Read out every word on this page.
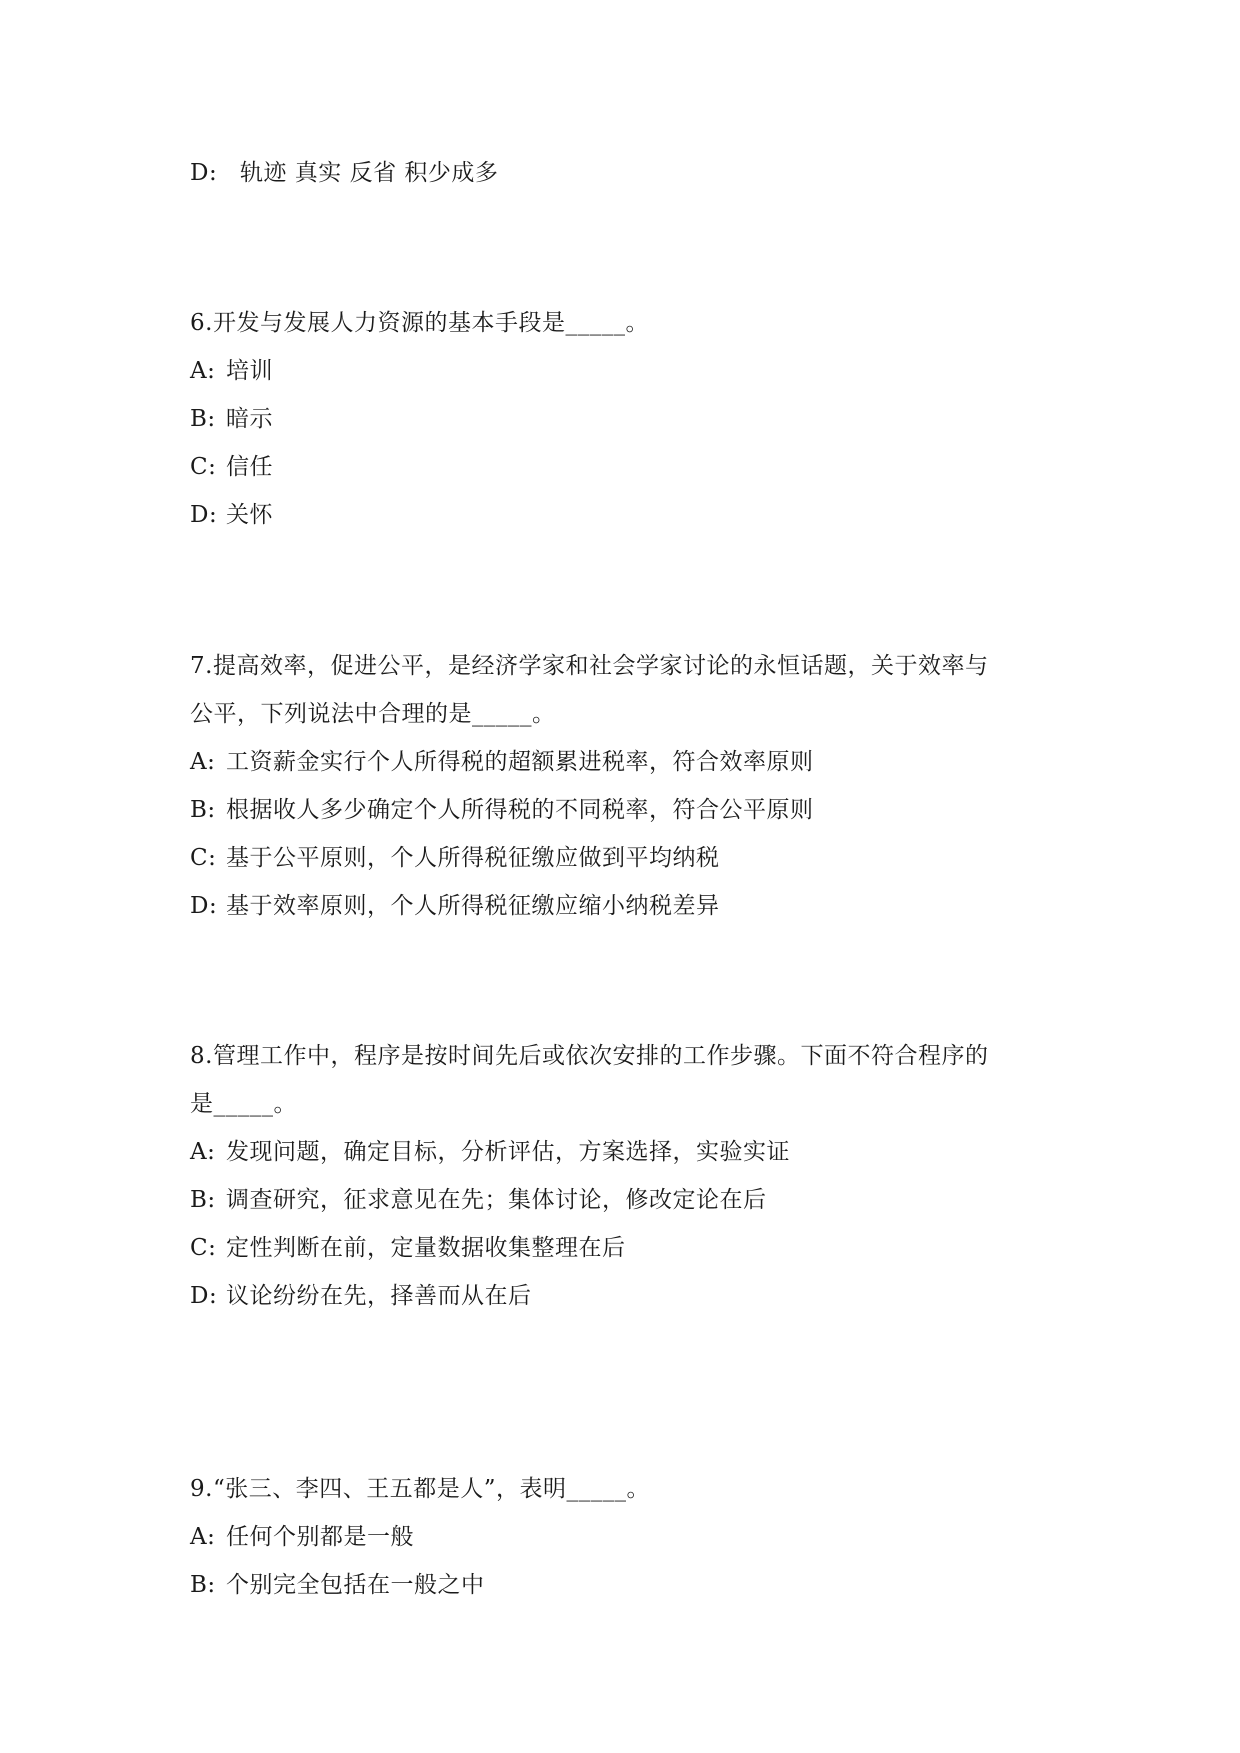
D: 轨迹 真实 反省 积少成多
6.开发与发展人力资源的基本手段是_____。
A: 培训
B: 暗示
C: 信任
D: 关怀
7.提高效率，促进公平，是经济学家和社会学家讨论的永恒话题，关于效率与
公平，下列说法中合理的是_____。
A: 工资薪金实行个人所得税的超额累进税率，符合效率原则
B: 根据收人多少确定个人所得税的不同税率，符合公平原则
C: 基于公平原则，个人所得税征缴应做到平均纳税
D: 基于效率原则，个人所得税征缴应缩小纳税差异
8.管理工作中，程序是按时间先后或依次安排的工作步骤。下面不符合程序的
是_____。
A: 发现问题，确定目标，分析评估，方案选择，实验实证
B: 调查研究，征求意见在先；集体讨论，修改定论在后
C: 定性判断在前，定量数据收集整理在后
D: 议论纷纷在先，择善而从在后
9.“张三、李四、王五都是人”，表明_____。
A: 任何个别都是一般
B: 个别完全包括在一般之中
